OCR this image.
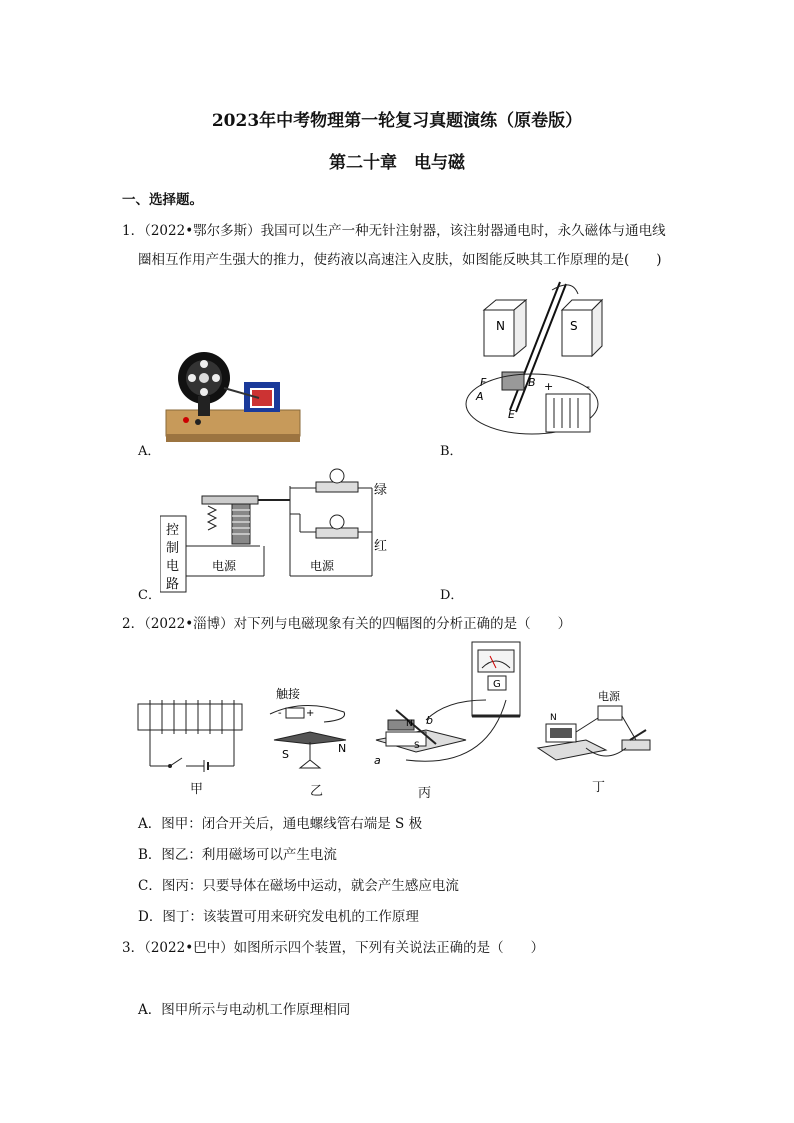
2023年中考物理第一轮复习真题演练（原卷版）
第二十章　电与磁
一、选择题。
1．（2022•鄂尔多斯）我国可以生产一种无针注射器，该注射器通电时，永久磁体与通电线
圈相互作用产生强大的推力，使药液以高速注入皮肤，如图能反映其工作原理的是(　　)
A．
N	S
F	B
A
E
+	-
B．
控
制
电
路
电源	电源
绿
红
C．	D．
2．（2022•淄博）对下列与电磁现象有关的四幅图的分析正确的是（　　）
甲
触接
- +
S	N
乙
G
b
a
N
S
丙
电源
N
丁
A．图甲：闭合开关后，通电螺线管右端是 S 极
B．图乙：利用磁场可以产生电流
C．图丙：只要导体在磁场中运动，就会产生感应电流
D．图丁：该装置可用来研究发电机的工作原理
3．（2022•巴中）如图所示四个装置，下列有关说法正确的是（　　）
A．图甲所示与电动机工作原理相同
